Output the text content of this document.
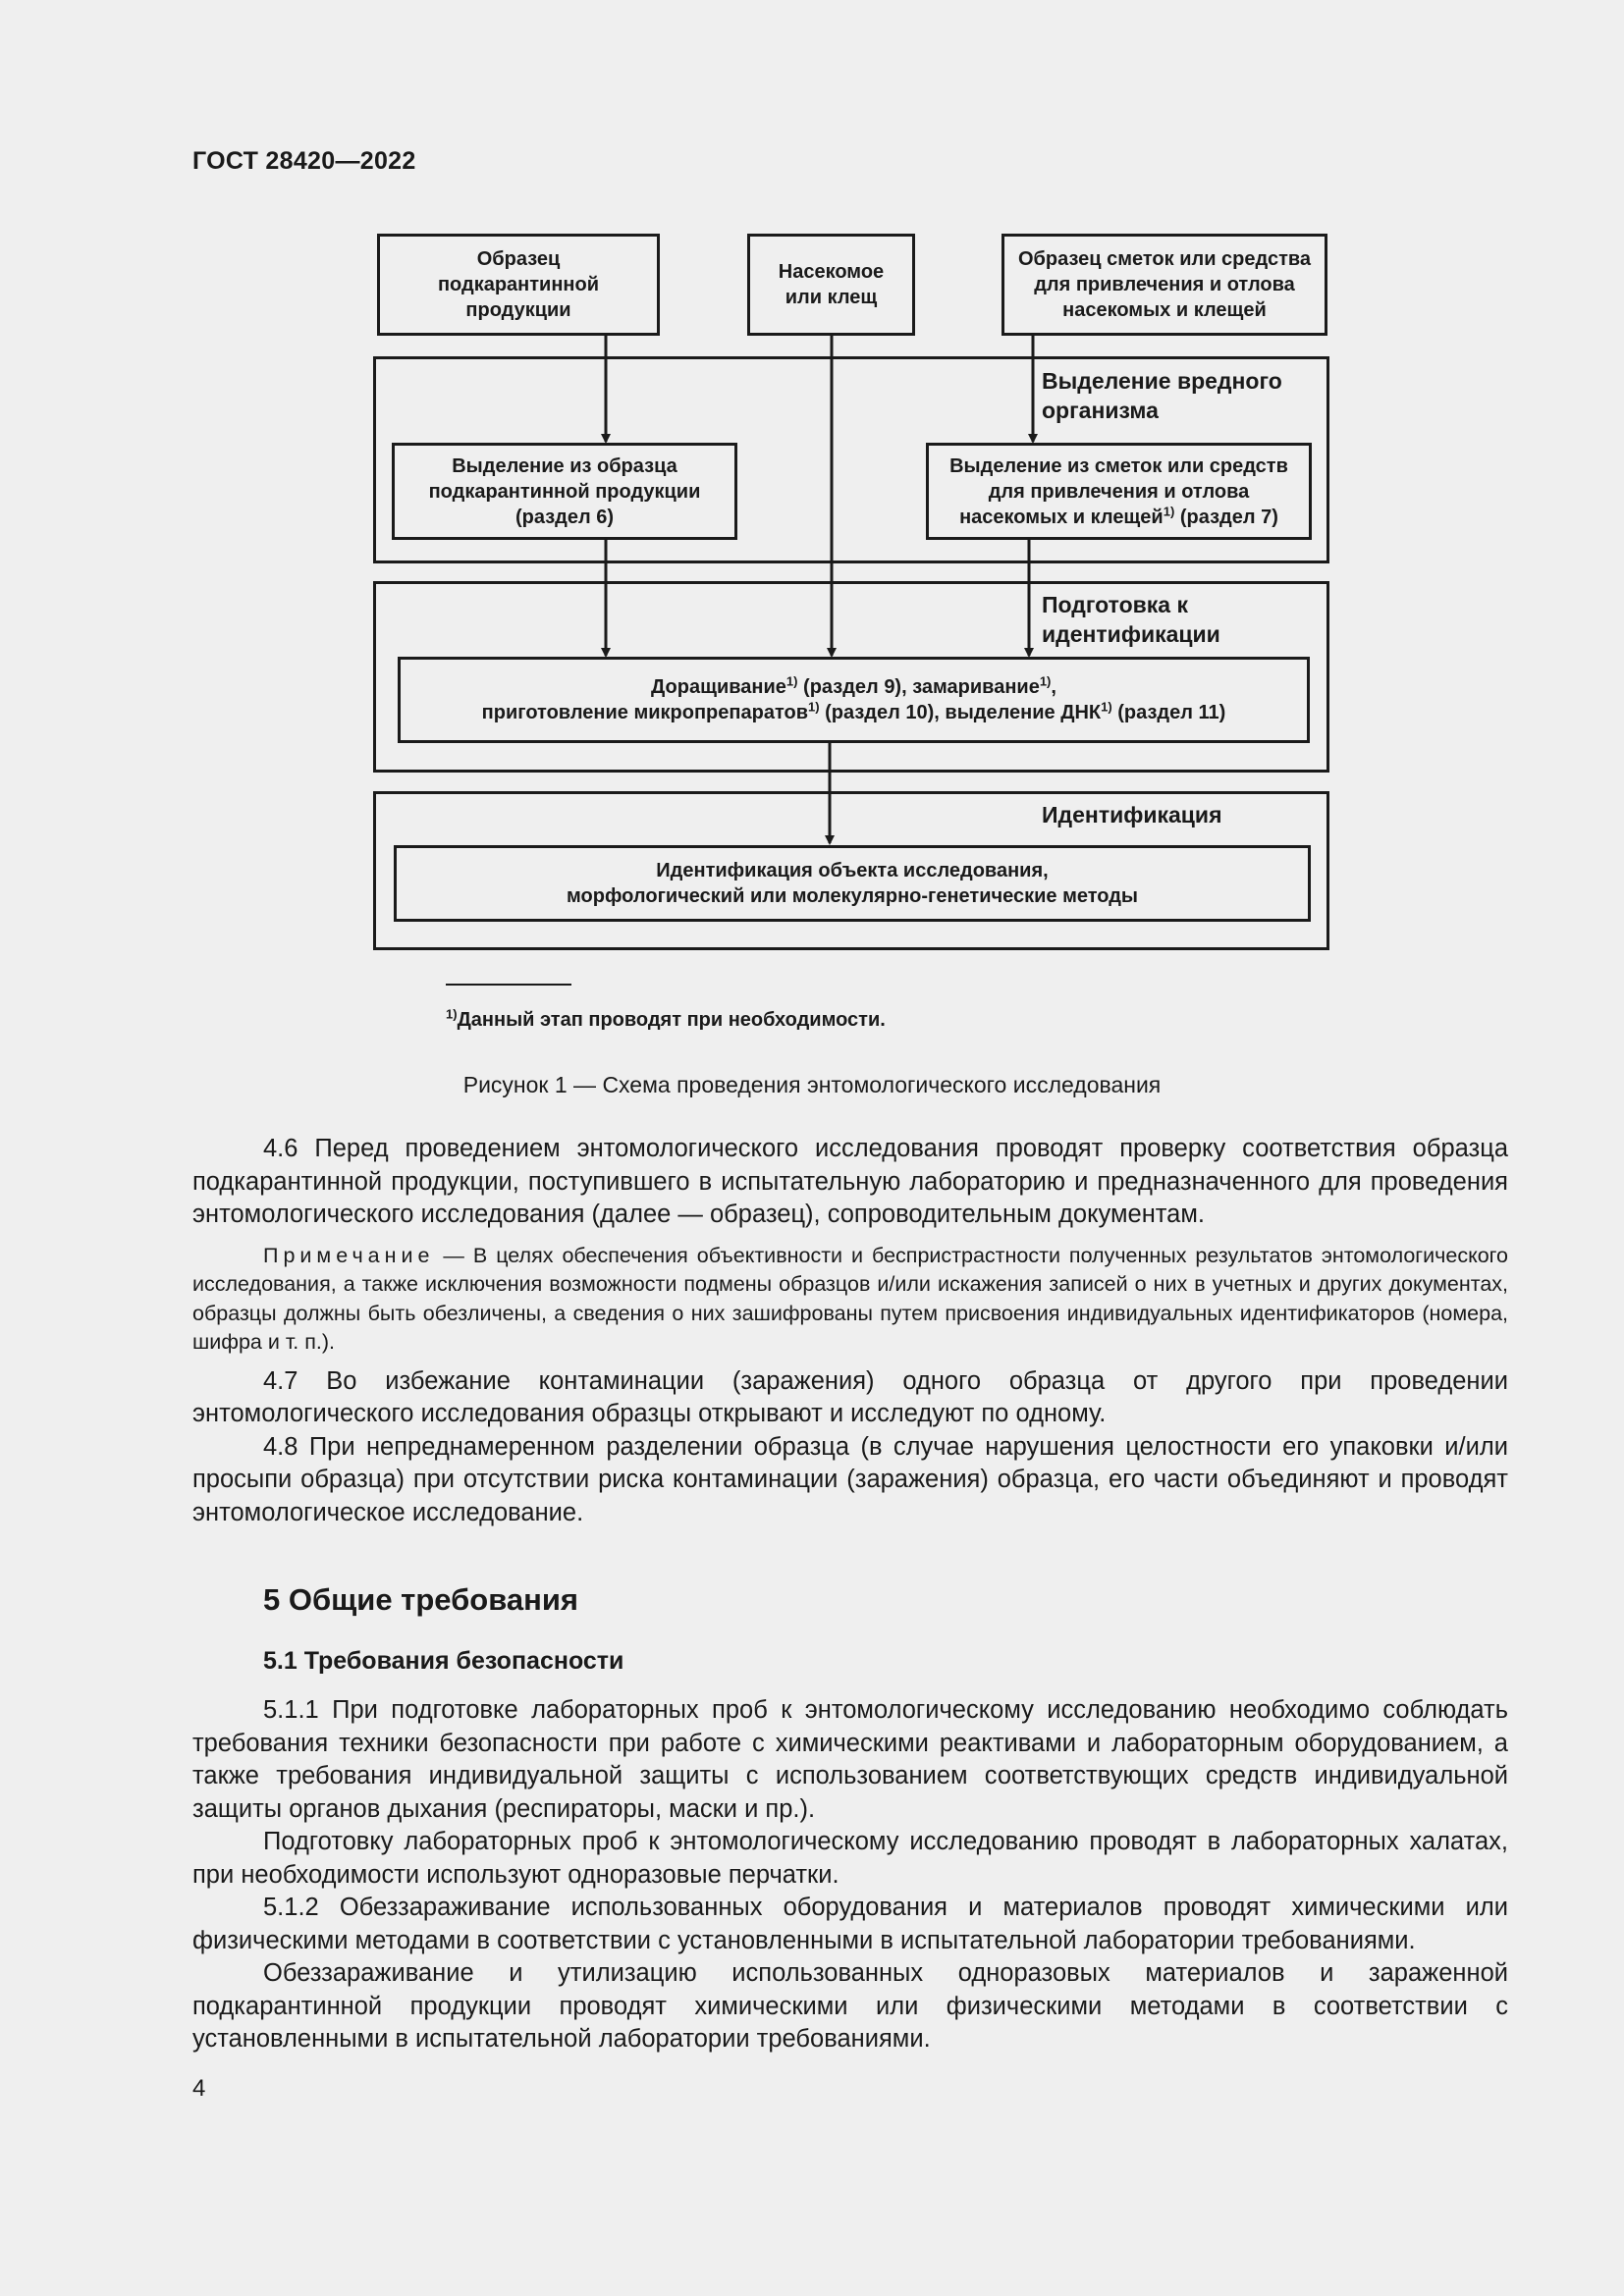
ГОСТ 28420—2022
Образец подкарантинной продукции
Насекомое или клещ
Образец сметок или средства для привлечения и отлова насекомых и клещей
Выделение вредного организма
Выделение из образца подкарантинной продукции (раздел 6)
Выделение из сметок или средств для привлечения и отлова насекомых и клещей$^{1)}$ (раздел 7)
Подготовка к идентификации
Доращивание$^{1)}$ (раздел 9), замаривание$^{1)}$,
приготовление микропрепаратов$^{1)}$ (раздел 10), выделение ДНК$^{1)}$ (раздел 11)
Идентификация
Идентификация объекта исследования,
морфологический или молекулярно-генетические методы
$^{1)}$Данный этап проводят при необходимости.
Рисунок 1 — Схема проведения энтомологического исследования

4.6 Перед проведением энтомологического исследования проводят проверку соответствия образца подкарантинной продукции, поступившего в испытательную лабораторию и предназначенного для проведения энтомологического исследования (далее — образец), сопроводительным документам.

Примечание — В целях обеспечения объективности и беспристрастности полученных результатов энтомологического исследования, а также исключения возможности подмены образцов и/или искажения записей о них в учетных и других документах, образцы должны быть обезличены, а сведения о них зашифрованы путем присвоения индивидуальных идентификаторов (номера, шифра и т. п.).

4.7 Во избежание контаминации (заражения) одного образца от другого при проведении энтомологического исследования образцы открывают и исследуют по одному.

4.8 При непреднамеренном разделении образца (в случае нарушения целостности его упаковки и/или просыпи образца) при отсутствии риска контаминации (заражения) образца, его части объединяют и проводят энтомологическое исследование.

5 Общие требования
5.1 Требования безопасности

5.1.1 При подготовке лабораторных проб к энтомологическому исследованию необходимо соблюдать требования техники безопасности при работе с химическими реактивами и лабораторным оборудованием, а также требования индивидуальной защиты с использованием соответствующих средств индивидуальной защиты органов дыхания (респираторы, маски и пр.).

Подготовку лабораторных проб к энтомологическому исследованию проводят в лабораторных халатах, при необходимости используют одноразовые перчатки.

5.1.2 Обеззараживание использованных оборудования и материалов проводят химическими или физическими методами в соответствии с установленными в испытательной лаборатории требованиями.

Обеззараживание и утилизацию использованных одноразовых материалов и зараженной подкарантинной продукции проводят химическими или физическими методами в соответствии с установленными в испытательной лаборатории требованиями.

4
